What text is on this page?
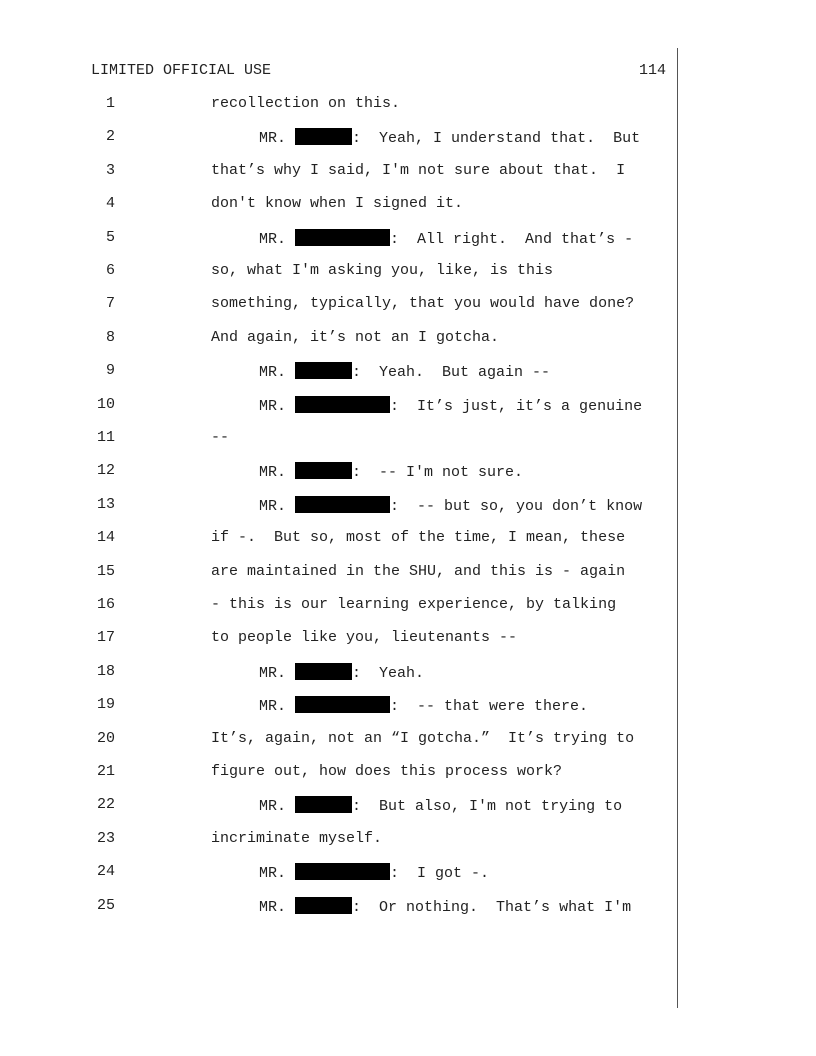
LIMITED OFFICIAL USE	114
1	recollection on this.
2	MR.	:  Yeah, I understand that.  But
3	that’s why I said, I'm not sure about that.  I
4	don't know when I signed it.
5	MR.	:  All right.  And that’s -
6	so, what I'm asking you, like, is this
7	something, typically, that you would have done?
8	And again, it’s not an I gotcha.
9	MR.	:  Yeah.  But again --
10	MR.	:  It’s just, it’s a genuine
11	--
12	MR.	:  -- I'm not sure.
13	MR.	:  -- but so, you don’t know
14	if -.  But so, most of the time, I mean, these
15	are maintained in the SHU, and this is - again
16	- this is our learning experience, by talking
17	to people like you, lieutenants --
18	MR.	:  Yeah.
19	MR.	:  -- that were there.
20	It’s, again, not an “I gotcha.”  It’s trying to
21	figure out, how does this process work?
22	MR.	:  But also, I'm not trying to
23	incriminate myself.
24	MR.	:  I got -.
25	MR.	:  Or nothing.  That’s what I'm
